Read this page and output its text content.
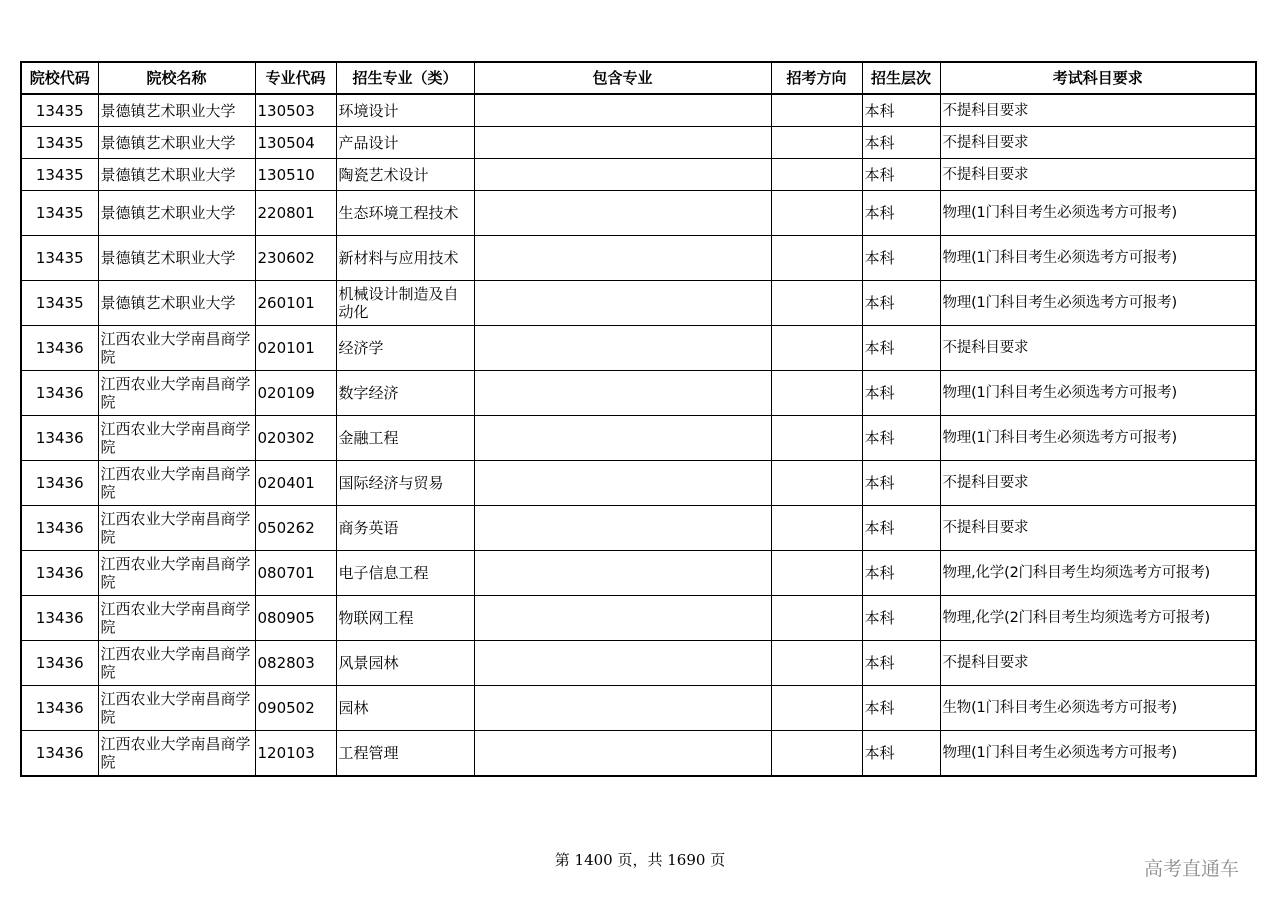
院校代码	院校名称	专业代码	招生专业（类）	包含专业	招考方向	招生层次	考试科目要求
13435	景德镇艺术职业大学	130503	环境设计			本科	不提科目要求
13435	景德镇艺术职业大学	130504	产品设计			本科	不提科目要求
13435	景德镇艺术职业大学	130510	陶瓷艺术设计			本科	不提科目要求
13435	景德镇艺术职业大学	220801	生态环境工程技术			本科	物理(1门科目考生必须选考方可报考)
13435	景德镇艺术职业大学	230602	新材料与应用技术			本科	物理(1门科目考生必须选考方可报考)
13435	景德镇艺术职业大学	260101	机械设计制造及自动化			本科	物理(1门科目考生必须选考方可报考)
13436	江西农业大学南昌商学院	020101	经济学			本科	不提科目要求
13436	江西农业大学南昌商学院	020109	数字经济			本科	物理(1门科目考生必须选考方可报考)
13436	江西农业大学南昌商学院	020302	金融工程			本科	物理(1门科目考生必须选考方可报考)
13436	江西农业大学南昌商学院	020401	国际经济与贸易			本科	不提科目要求
13436	江西农业大学南昌商学院	050262	商务英语			本科	不提科目要求
13436	江西农业大学南昌商学院	080701	电子信息工程			本科	物理,化学(2门科目考生均须选考方可报考)
13436	江西农业大学南昌商学院	080905	物联网工程			本科	物理,化学(2门科目考生均须选考方可报考)
13436	江西农业大学南昌商学院	082803	风景园林			本科	不提科目要求
13436	江西农业大学南昌商学院	090502	园林			本科	生物(1门科目考生必须选考方可报考)
13436	江西农业大学南昌商学院	120103	工程管理			本科	物理(1门科目考生必须选考方可报考)
第 1400 页，共 1690 页	高考直通车
